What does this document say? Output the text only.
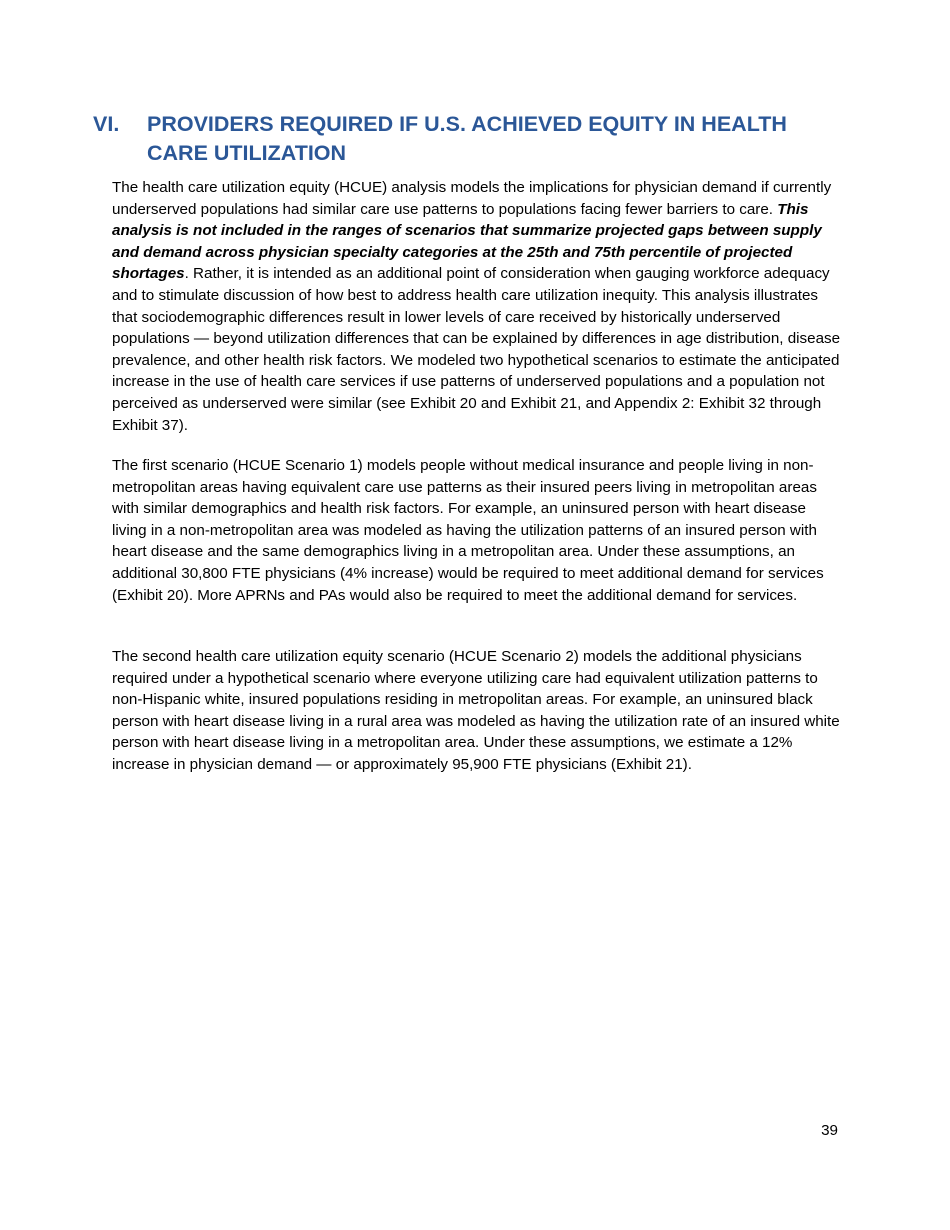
VI.	PROVIDERS REQUIRED IF U.S. ACHIEVED EQUITY IN HEALTH CARE UTILIZATION

The health care utilization equity (HCUE) analysis models the implications for physician demand if currently underserved populations had similar care use patterns to populations facing fewer barriers to care. This analysis is not included in the ranges of scenarios that summarize projected gaps between supply and demand across physician specialty categories at the 25th and 75th percentile of projected shortages. Rather, it is intended as an additional point of consideration when gauging workforce adequacy and to stimulate discussion of how best to address health care utilization inequity. This analysis illustrates that sociodemographic differences result in lower levels of care received by historically underserved populations — beyond utilization differences that can be explained by differences in age distribution, disease prevalence, and other health risk factors. We modeled two hypothetical scenarios to estimate the anticipated increase in the use of health care services if use patterns of underserved populations and a population not perceived as underserved were similar (see Exhibit 20 and Exhibit 21, and Appendix 2: Exhibit 32 through Exhibit 37).

The first scenario (HCUE Scenario 1) models people without medical insurance and people living in non-metropolitan areas having equivalent care use patterns as their insured peers living in metropolitan areas with similar demographics and health risk factors. For example, an uninsured person with heart disease living in a non-metropolitan area was modeled as having the utilization patterns of an insured person with heart disease and the same demographics living in a metropolitan area. Under these assumptions, an additional 30,800 FTE physicians (4% increase) would be required to meet additional demand for services (Exhibit 20). More APRNs and PAs would also be required to meet the additional demand for services.

The second health care utilization equity scenario (HCUE Scenario 2) models the additional physicians required under a hypothetical scenario where everyone utilizing care had equivalent utilization patterns to non-Hispanic white, insured populations residing in metropolitan areas. For example, an uninsured black person with heart disease living in a rural area was modeled as having the utilization rate of an insured white person with heart disease living in a metropolitan area. Under these assumptions, we estimate a 12% increase in physician demand — or approximately 95,900 FTE physicians (Exhibit 21).

39
